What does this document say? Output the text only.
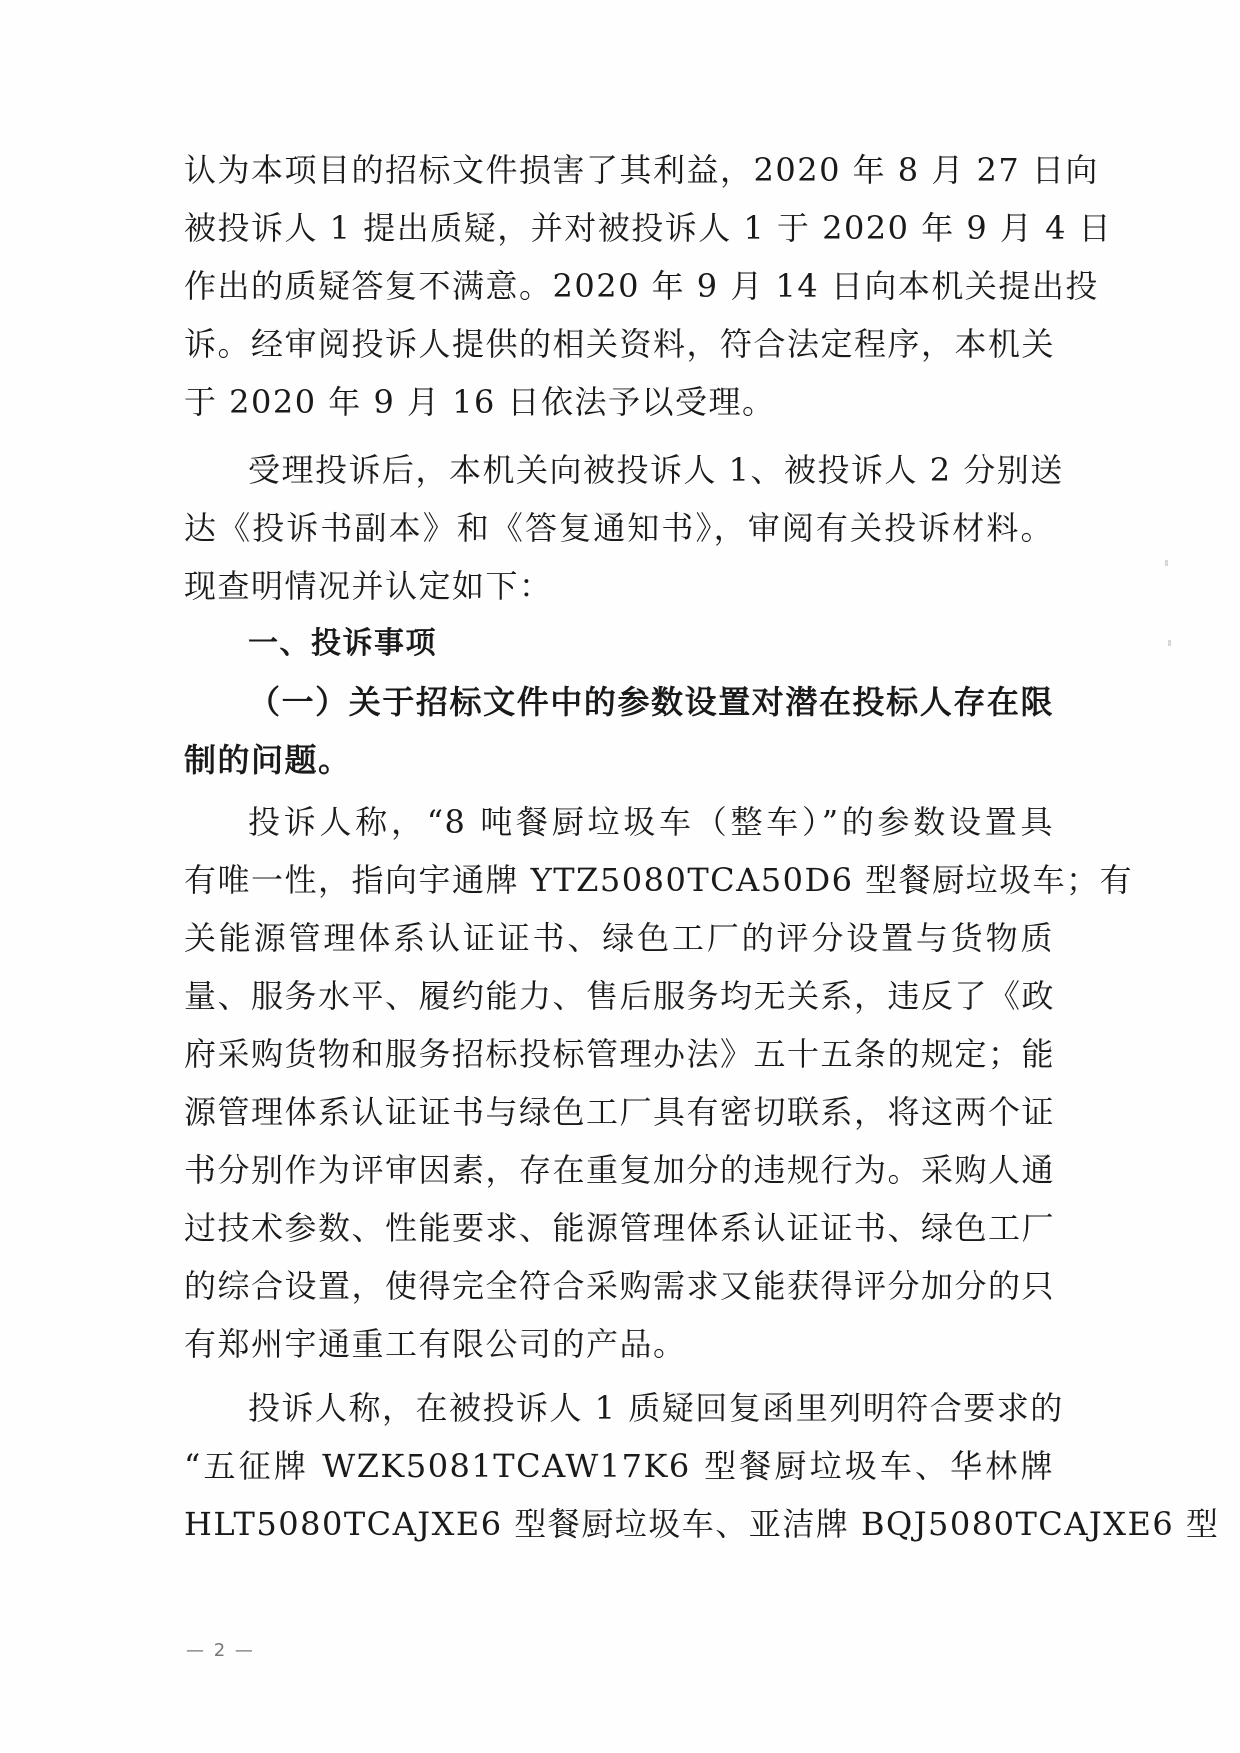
认为本项目的招标文件损害了其利益，2020 年 8 月 27 日向
被投诉人 1 提出质疑，并对被投诉人 1 于 2020 年 9 月 4 日
作出的质疑答复不满意。2020 年 9 月 14 日向本机关提出投
诉。经审阅投诉人提供的相关资料，符合法定程序，本机关
于 2020 年 9 月 16 日依法予以受理。
受理投诉后，本机关向被投诉人 1、被投诉人 2 分别送
达《投诉书副本》和《答复通知书》，审阅有关投诉材料。
现查明情况并认定如下：
一、投诉事项
（一）关于招标文件中的参数设置对潜在投标人存在限
制的问题。
投诉人称，“8 吨餐厨垃圾车（整车）”的参数设置具
有唯一性，指向宇通牌 YTZ5080TCA50D6 型餐厨垃圾车；有
关能源管理体系认证证书、绿色工厂的评分设置与货物质
量、服务水平、履约能力、售后服务均无关系，违反了《政
府采购货物和服务招标投标管理办法》五十五条的规定；能
源管理体系认证证书与绿色工厂具有密切联系，将这两个证
书分别作为评审因素，存在重复加分的违规行为。采购人通
过技术参数、性能要求、能源管理体系认证证书、绿色工厂
的综合设置，使得完全符合采购需求又能获得评分加分的只
有郑州宇通重工有限公司的产品。
投诉人称，在被投诉人 1 质疑回复函里列明符合要求的
“五征牌 WZK5081TCAW17K6 型餐厨垃圾车、华林牌
HLT5080TCAJXE6 型餐厨垃圾车、亚洁牌 BQJ5080TCAJXE6 型
— 2 —
